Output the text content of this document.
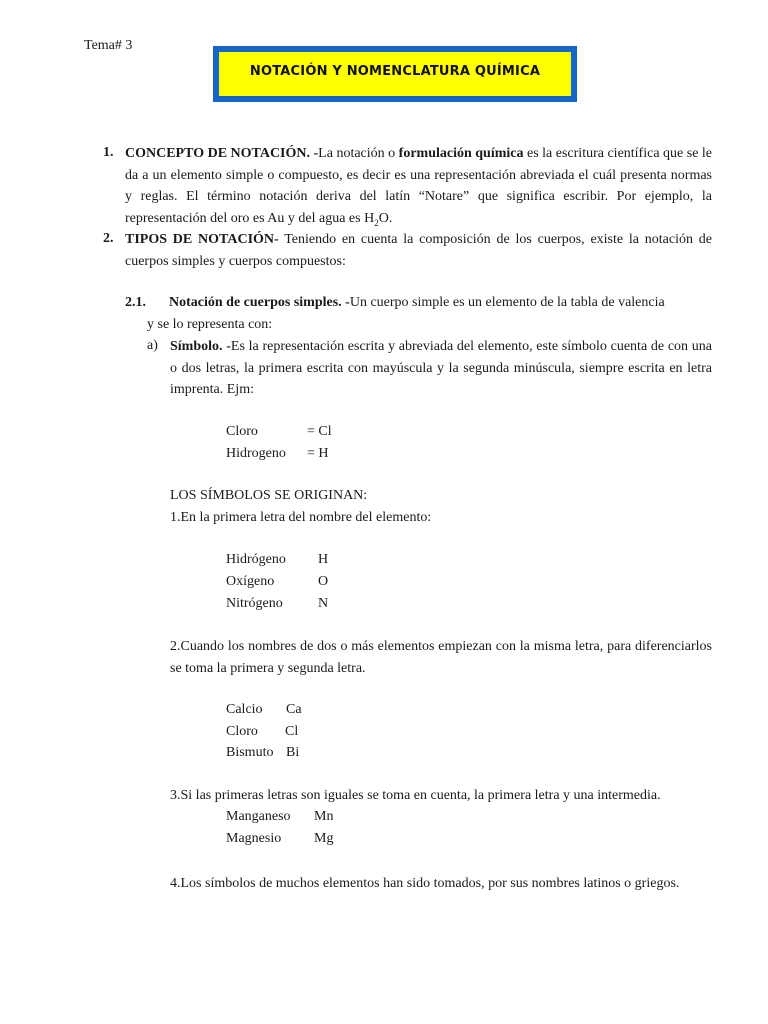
Tema# 3
NOTACIÓN Y NOMENCLATURA QUÍMICA
1. CONCEPTO DE NOTACIÓN. -La notación o formulación química es la escritura científica que se le da a un elemento simple o compuesto, es decir es una representación abreviada el cuál presenta normas y reglas. El término notación deriva del latín “Notare” que significa escribir. Por ejemplo, la representación del oro es Au y del agua es $H_2O$.
2. TIPOS DE NOTACIÓN- Teniendo en cuenta la composición de los cuerpos, existe la notación de cuerpos simples y cuerpos compuestos:
2.1. Notación de cuerpos simples. -Un cuerpo simple es un elemento de la tabla de valencia
y se lo representa con:
a) Símbolo. -Es la representación escrita y abreviada del elemento, este símbolo cuenta de con una o dos letras, la primera escrita con mayúscula y la segunda minúscula, siempre escrita en letra imprenta. Ejm:
Cloro	= Cl
Hidrogeno = H
LOS SÍMBOLOS SE ORIGINAN:
1.En la primera letra del nombre del elemento:
Hidrógeno H
Oxígeno	O
Nitrógeno	N
2.Cuando los nombres de dos o más elementos empiezan con la misma letra, para diferenciarlos se toma la primera y segunda letra.
Calcio Ca
Cloro Cl
Bismuto Bi
3.Si las primeras letras son iguales se toma en cuenta, la primera letra y una intermedia.
Manganeso Mn
Magnesio Mg
4.Los símbolos de muchos elementos han sido tomados, por sus nombres latinos o griegos.
